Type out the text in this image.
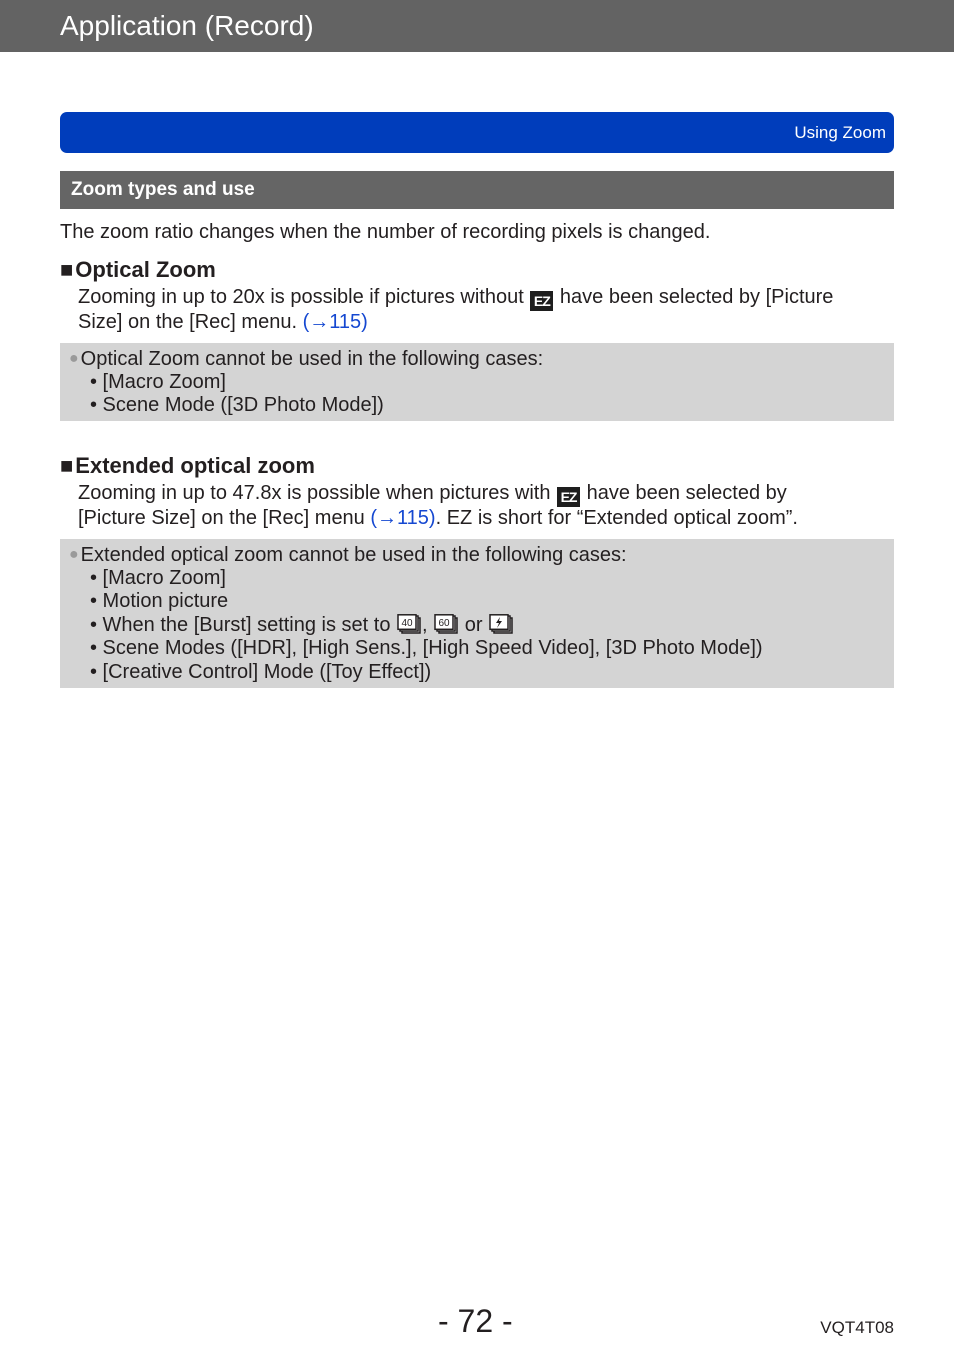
Application (Record)
Using Zoom
Zoom types and use
The zoom ratio changes when the number of recording pixels is changed.
■Optical Zoom
Zooming in up to 20x is possible if pictures without EZ have been selected by [Picture
Size] on the [Rec] menu. (→115)
● Optical Zoom cannot be used in the following cases:
• [Macro Zoom]
• Scene Mode ([3D Photo Mode])
■Extended optical zoom
Zooming in up to 47.8x is possible when pictures with EZ have been selected by
[Picture Size] on the [Rec] menu (→115). EZ is short for “Extended optical zoom”.
● Extended optical zoom cannot be used in the following cases:
• [Macro Zoom]
• Motion picture
• When the [Burst] setting is set to 40 , 60 or
• Scene Modes ([HDR], [High Sens.], [High Speed Video], [3D Photo Mode])
• [Creative Control] Mode ([Toy Effect])
- 72 -	VQT4T08
